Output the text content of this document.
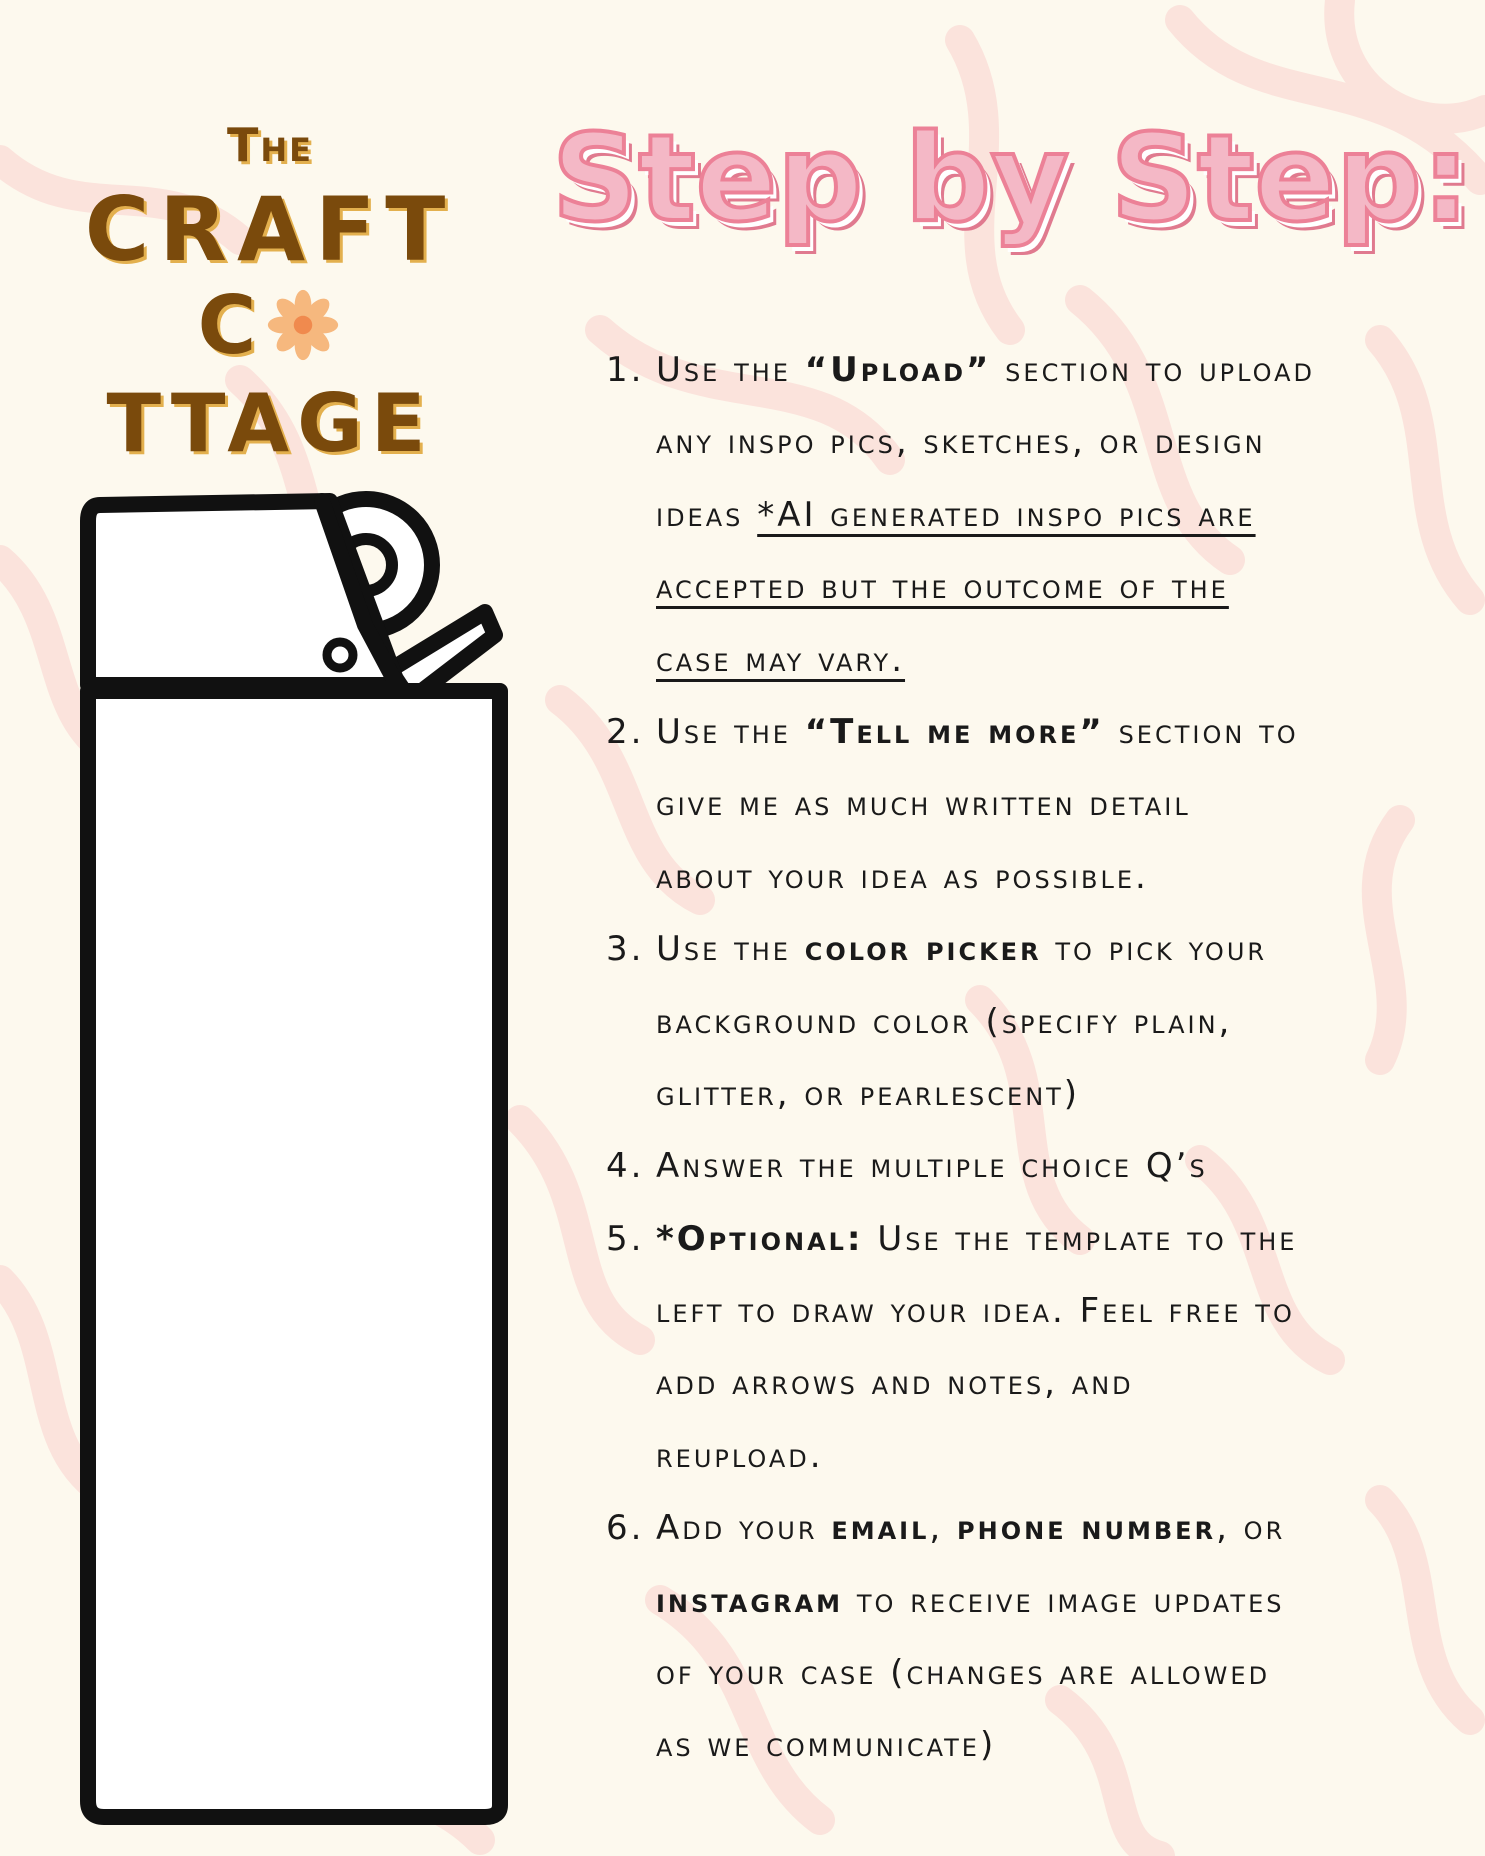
The
CRAFT
CTTAGE
Step by Step:
1. Use the “Upload” section to upload
any inspo pics, sketches, or design
ideas *AI generated inspo pics are
accepted but the outcome of the
case may vary.
2. Use the “Tell me more” section to
give me as much written detail
about your idea as possible.
3. Use the color picker to pick your
background color (specify plain,
glitter, or pearlescent)
4. Answer the multiple choice Q’s
5. *Optional: Use the template to the
left to draw your idea. Feel free to
add arrows and notes, and
reupload.
6. Add your email, phone number, or
instagram to receive image updates
of your case (changes are allowed
as we communicate)
